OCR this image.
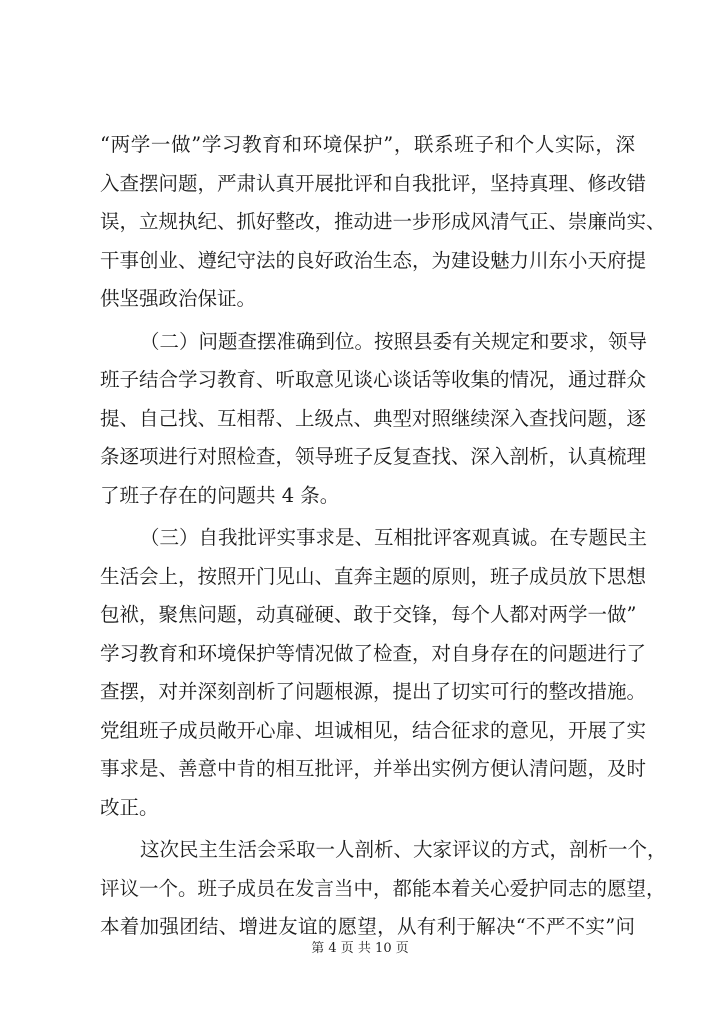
“两学一做”学习教育和环境保护”，联系班子和个人实际，深
入查摆问题，严肃认真开展批评和自我批评，坚持真理、修改错
误，立规执纪、抓好整改，推动进一步形成风清气正、崇廉尚实、
干事创业、遵纪守法的良好政治生态，为建设魅力川东小天府提
供坚强政治保证。
（二）问题查摆准确到位。按照县委有关规定和要求，领导
班子结合学习教育、听取意见谈心谈话等收集的情况，通过群众
提、自己找、互相帮、上级点、典型对照继续深入查找问题，逐
条逐项进行对照检查，领导班子反复查找、深入剖析，认真梳理
了班子存在的问题共 4 条。
（三）自我批评实事求是、互相批评客观真诚。在专题民主
生活会上，按照开门见山、直奔主题的原则，班子成员放下思想
包袱，聚焦问题，动真碰硬、敢于交锋，每个人都对两学一做”
学习教育和环境保护等情况做了检查，对自身存在的问题进行了
查摆，对并深刻剖析了问题根源，提出了切实可行的整改措施。
党组班子成员敞开心扉、坦诚相见，结合征求的意见，开展了实
事求是、善意中肯的相互批评，并举出实例方便认清问题，及时
改正。
这次民主生活会采取一人剖析、大家评议的方式，剖析一个，
评议一个。班子成员在发言当中，都能本着关心爱护同志的愿望，
本着加强团结、增进友谊的愿望，从有利于解决“不严不实”问
第 4 页 共 10 页
